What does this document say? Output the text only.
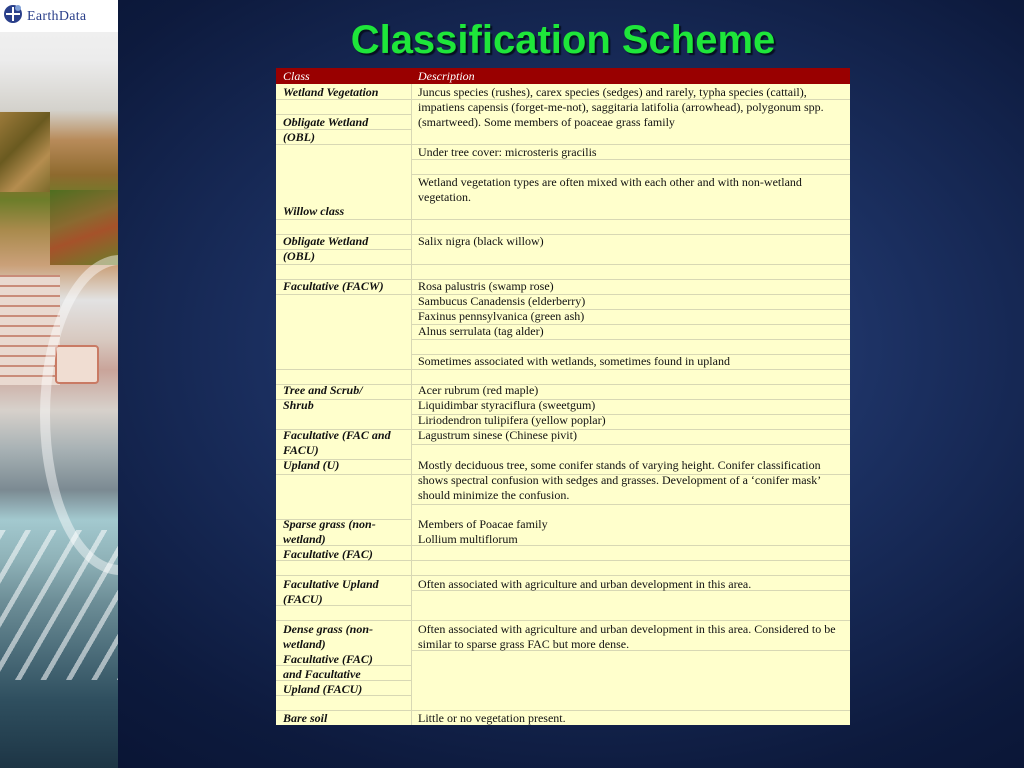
EarthData
Classification Scheme
Class	Description
Wetland Vegetation
Obligate Wetland (OBL)
Willow class
Obligate Wetland (OBL)
Facultative (FACW)
Tree and Scrub/ Shrub
Facultative (FAC and FACU)
Upland (U)
Sparse grass (non-wetland)
Facultative (FAC)
Facultative Upland (FACU)
Dense grass (non-wetland)
Facultative (FAC) and Facultative Upland (FACU)
Bare soil
Juncus species (rushes), carex species (sedges) and rarely, typha species (cattail), impatiens capensis (forget-me-not), saggitaria latifolia (arrowhead), polygonum spp. (smartweed). Some members of poaceae grass family
Under tree cover: microsteris gracilis
Wetland vegetation types are often mixed with each other and with non-wetland vegetation.
Salix nigra (black willow)
Rosa palustris (swamp rose)
Sambucus Canadensis (elderberry)
Faxinus pennsylvanica (green ash)
Alnus serrulata (tag alder)
Sometimes associated with wetlands, sometimes found in upland
Acer rubrum (red maple)
Liquidimbar styraciflura (sweetgum)
Liriodendron tulipifera (yellow poplar)
Lagustrum sinese (Chinese pivit)
Mostly deciduous tree, some conifer stands of varying height. Conifer classification shows spectral confusion with sedges and grasses. Development of a ‘conifer mask’ should minimize the confusion.
Members of Poacae family
Lollium multiflorum
Often associated with agriculture and urban development in this area.
Often associated with agriculture and urban development in this area. Considered to be similar to sparse grass FAC but more dense.
Little or no vegetation present.
